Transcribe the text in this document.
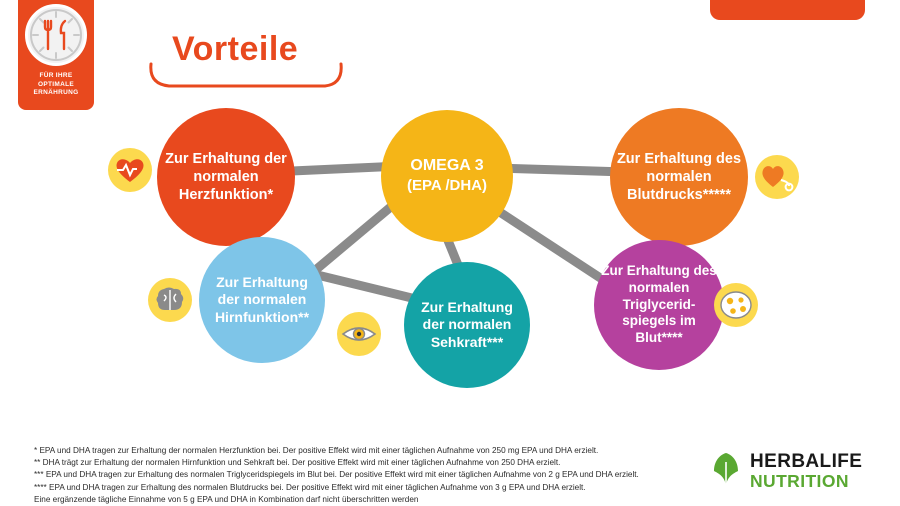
FÜR IHRE
OPTIMALE
ERNÄHRUNG
Vorteile
OMEGA 3
(EPA /DHA)
Zur Erhaltung der normalen Herzfunktion*
Zur Erhaltung des normalen Blutdrucks*****
Zur Erhaltung der normalen Hirnfunktion**
Zur Erhaltung der normalen Sehkraft***
Zur Erhaltung des normalen Triglycerid-spiegels im Blut****
* EPA und DHA tragen zur Erhaltung der normalen Herzfunktion bei. Der positive Effekt wird mit einer täglichen Aufnahme von 250 mg EPA und DHA erzielt.
** DHA trägt zur Erhaltung der normalen Hirnfunktion und Sehkraft bei. Der positive Effekt wird mit einer täglichen Aufnahme von 250 DHA erzielt.
*** EPA und DHA tragen zur Erhaltung des normalen Triglyceridspiegels im Blut bei. Der positive Effekt wird mit einer täglichen Aufnahme von 2 g EPA und DHA erzielt.
**** EPA und DHA tragen zur Erhaltung des normalen Blutdrucks bei. Der positive Effekt wird mit einer täglichen Aufnahme von 3 g EPA und DHA erzielt.
Eine ergänzende tägliche Einnahme von 5 g EPA und DHA in Kombination darf nicht überschritten werden
HERBALIFE
NUTRITION
